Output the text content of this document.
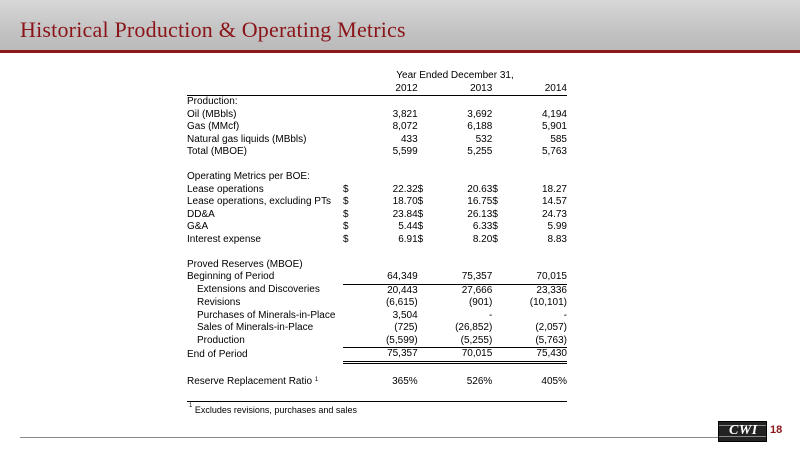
Historical Production & Operating Metrics
	Year Ended December 31,					
		2012		2013		2014
Production:						
Oil (MBbls)		3,821		3,692		4,194
Gas (MMcf)		8,072		6,188		5,901
Natural gas liquids (MBbls)		433		532		585
Total (MBOE)		5,599		5,255		5,763

Operating Metrics per BOE:						
Lease operations	$	22.32	$	20.63	$	18.27
Lease operations, excluding PTs	$	18.70	$	16.75	$	14.57
DD&A	$	23.84	$	26.13	$	24.73
G&A	$	5.44	$	6.33	$	5.99
Interest expense	$	6.91	$	8.20	$	8.83

Proved Reserves (MBOE)						
Beginning of Period		64,349		75,357		70,015
Extensions and Discoveries		20,443		27,666		23,336
Revisions		(6,615)		(901)		(10,101)
Purchases of Minerals-in-Place		3,504		-		-
Sales of Minerals-in-Place		(725)		(26,852)		(2,057)
Production		(5,599)		(5,255)		(5,763)
End of Period		75,357		70,015		75,430

Reserve Replacement Ratio $^1$		365%		526%		405%
$^1$ Excludes revisions, purchases and sales
CWI 18
